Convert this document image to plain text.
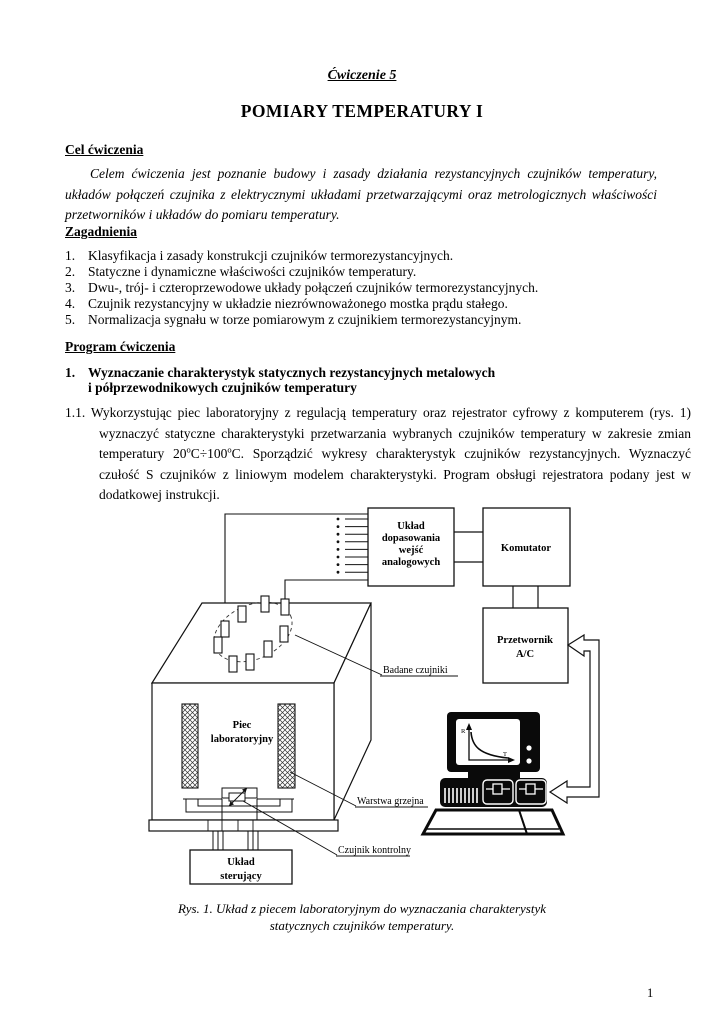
Ćwiczenie 5
POMIARY TEMPERATURY I
Cel ćwiczenia
Celem ćwiczenia jest poznanie budowy i zasady działania rezystancyjnych czujników temperatury, układów połączeń czujnika z elektrycznymi układami przetwarzającymi oraz metrologicznych właściwości przetworników i układów do pomiaru temperatury.
Zagadnienia
1. Klasyfikacja i zasady konstrukcji czujników termorezystancyjnych.
2. Statyczne i dynamiczne właściwości czujników temperatury.
3. Dwu-, trój- i czteroprzewodowe układy połączeń czujników termorezystancyjnych.
4. Czujnik rezystancyjny w układzie niezrównoważonego mostka prądu stałego.
5. Normalizacja sygnału w torze pomiarowym z czujnikiem termorezystancyjnym.
Program ćwiczenia
1. Wyznaczanie charakterystyk statycznych rezystancyjnych metalowych
i półprzewodnikowych czujników temperatury
1.1. Wykorzystując piec laboratoryjny z regulacją temperatury oraz rejestrator cyfrowy z komputerem (rys. 1) wyznaczyć statyczne charakterystyki przetwarzania wybranych czujników temperatury w zakresie zmian temperatury $20^oC\div 100^oC$. Sporządzić wykresy charakterystyk czujników rezystancyjnych. Wyznaczyć czułość S czujników z liniowym modelem charakterystyki. Program obsługi rejestratora podany jest w dodatkowej instrukcji.
Układ
dopasowania
wejść
analogowych
Komutator
Przetwornik
A/C
Piec
laboratoryjny
Układ
sterujący
Badane czujniki
Warstwa grzejna
Czujnik kontrolny
R
T
Rys. 1. Układ z piecem laboratoryjnym do wyznaczania charakterystyk
statycznych czujników temperatury.
1
